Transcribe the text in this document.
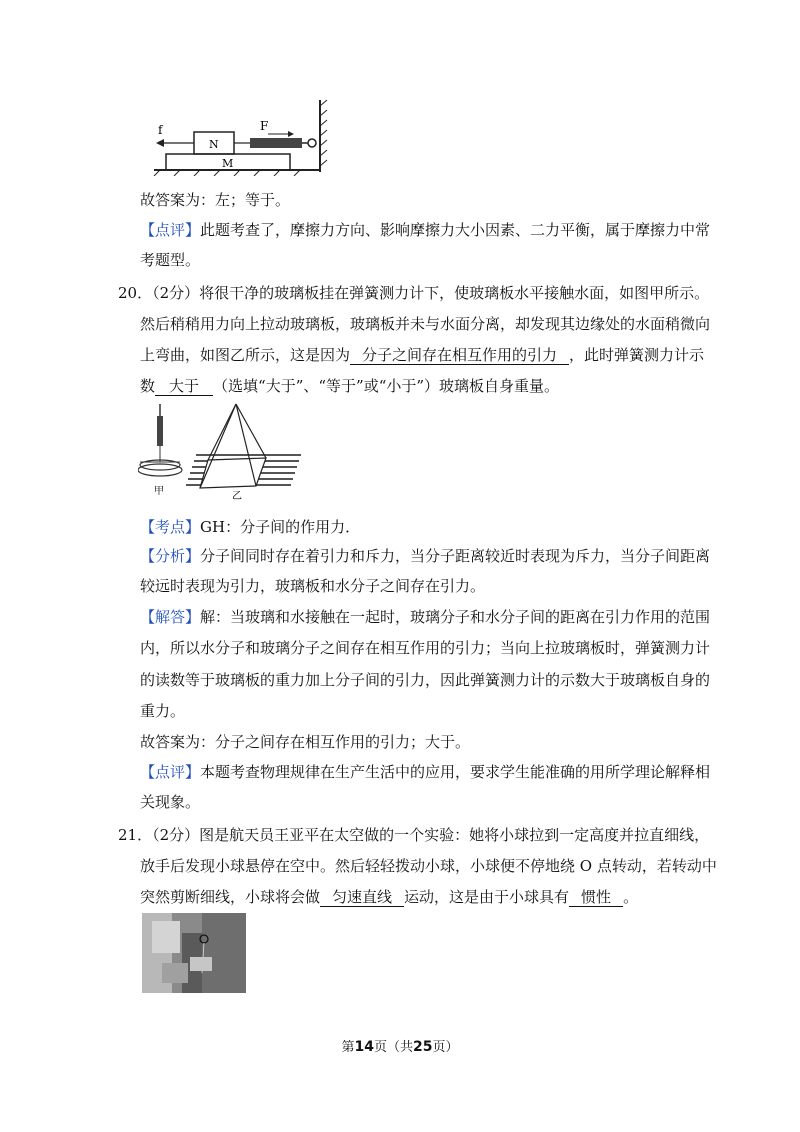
f
N
M
F
故答案为：左；等于。
【点评】此题考查了，摩擦力方向、影响摩擦力大小因素、二力平衡，属于摩擦力中常
考题型。
20．（2分）将很干净的玻璃板挂在弹簧测力计下，使玻璃板水平接触水面，如图甲所示。
然后稍稍用力向上拉动玻璃板，玻璃板并未与水面分离，却发现其边缘处的水面稍微向
上弯曲，如图乙所示，这是因为 分子之间存在相互作用的引力 ，此时弹簧测力计示
数 大于 （选填“大于”、“等于”或“小于”）玻璃板自身重量。
甲	乙
【考点】GH：分子间的作用力．
【分析】分子间同时存在着引力和斥力，当分子距离较近时表现为斥力，当分子间距离
较远时表现为引力，玻璃板和水分子之间存在引力。
【解答】解：当玻璃和水接触在一起时，玻璃分子和水分子间的距离在引力作用的范围
内，所以水分子和玻璃分子之间存在相互作用的引力；当向上拉玻璃板时，弹簧测力计
的读数等于玻璃板的重力加上分子间的引力，因此弹簧测力计的示数大于玻璃板自身的
重力。
故答案为：分子之间存在相互作用的引力；大于。
【点评】本题考查物理规律在生产生活中的应用，要求学生能准确的用所学理论解释相
关现象。
21．（2分）图是航天员王亚平在太空做的一个实验：她将小球拉到一定高度并拉直细线，
放手后发现小球悬停在空中。然后轻轻拨动小球，小球便不停地绕 O 点转动，若转动中
突然剪断细线，小球将会做 匀速直线 运动，这是由于小球具有 惯性 。
第14页（共25页）
